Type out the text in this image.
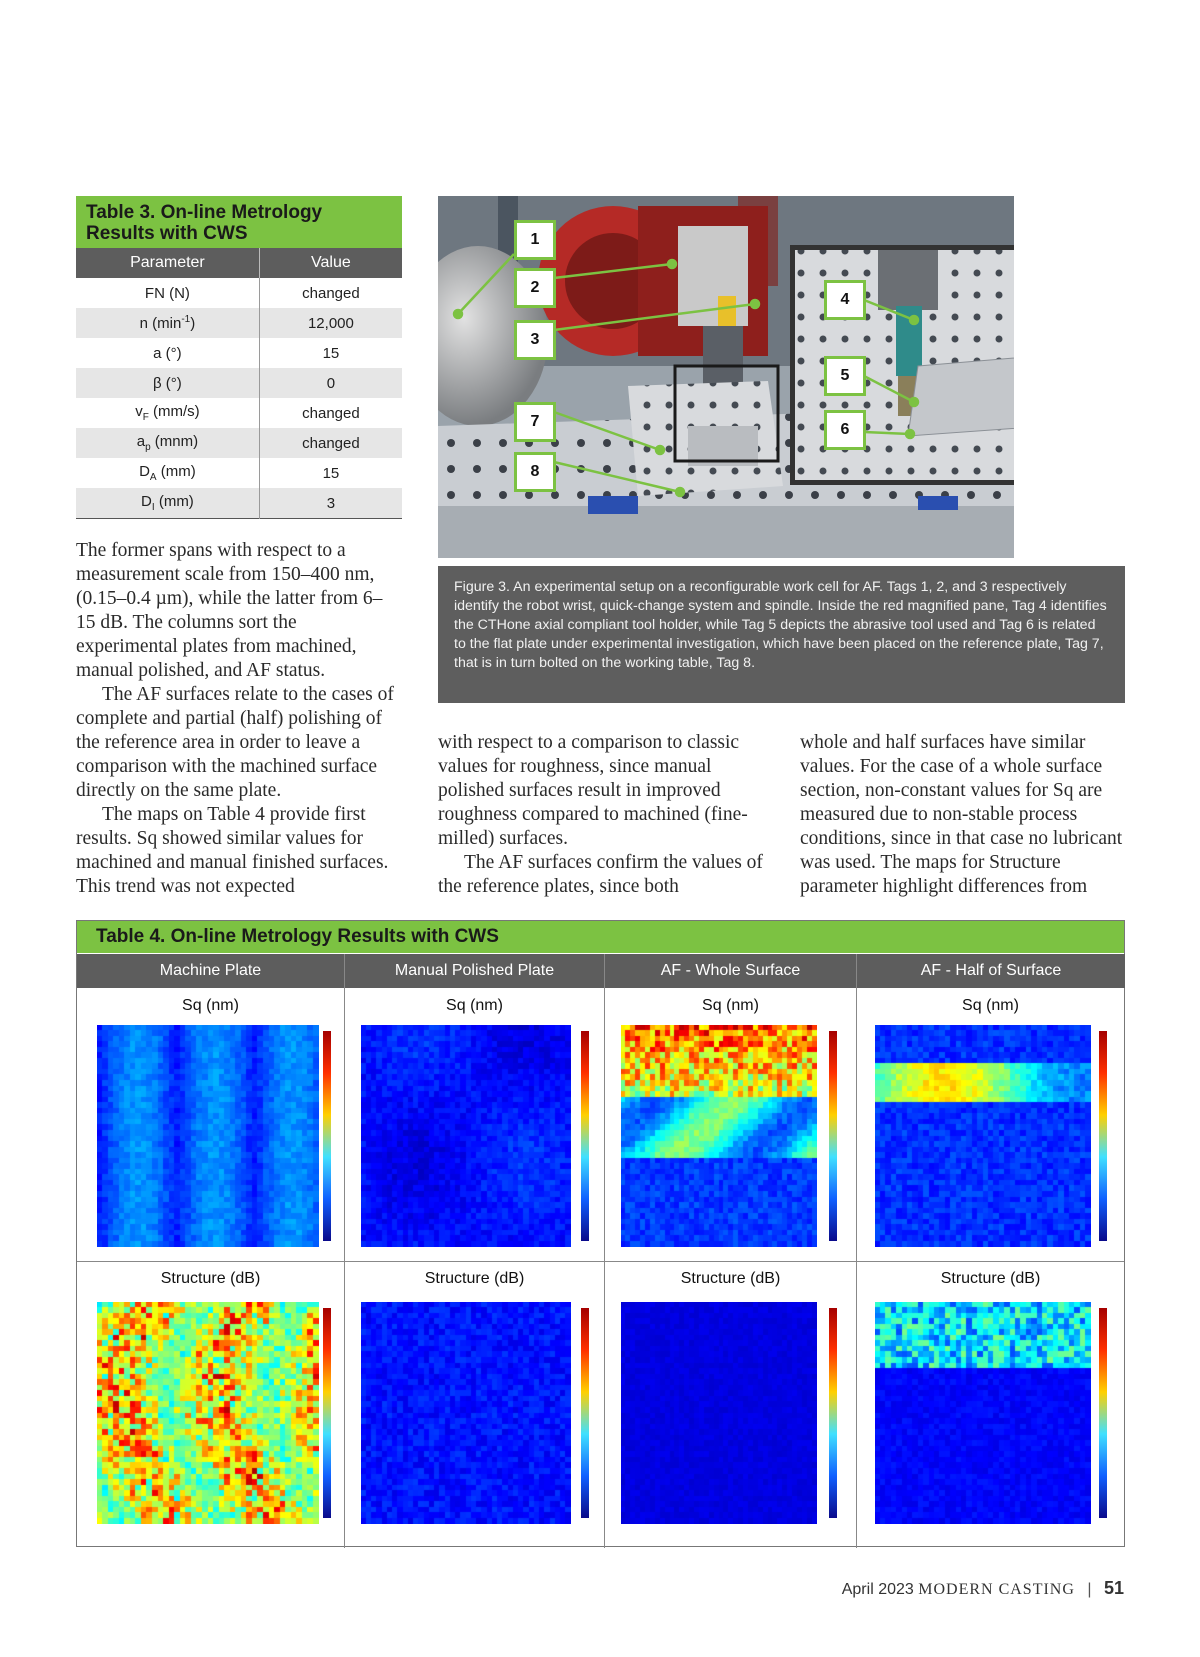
Table 3. On-line Metrology
Results with CWS
Parameter	Value
FN (N)	changed
n $(\min^{-1})$	12,000
a (°)	15
β (°)	0
$v_F$ (mm/s)	changed
$a_p$ (mnm)	changed
$D_A$ (mm)	15
$D_I$ (mm)	3

The former spans with respect to a measurement scale from 150–400 nm, (0.15–0.4 µm), while the latter from 6–15 dB. The columns sort the experimental plates from machined, manual polished, and AF status.

The AF surfaces relate to the cases of complete and partial (half) polishing of the reference area in order to leave a comparison with the machined surface directly on the same plate.

The maps on Table 4 provide first results. Sq showed similar values for machined and manual finished surfaces. This trend was not expected

with respect to a comparison to classic values for roughness, since manual polished surfaces result in improved roughness compared to machined (fine-milled) surfaces.

The AF surfaces confirm the values of the reference plates, since both

whole and half surfaces have similar values. For the case of a whole surface section, non-constant values for Sq are measured due to non-stable process conditions, since in that case no lubricant was used. The maps for Structure parameter highlight differences from

1
2
3
4
5
6
7
8
Figure 3. An experimental setup on a reconfigurable work cell for AF. Tags 1, 2, and 3 respectively identify the robot wrist, quick-change system and spindle. Inside the red magnified pane, Tag 4 identifies the CTHone axial compliant tool holder, while Tag 5 depicts the abrasive tool used and Tag 6 is related to the flat plate under experimental investigation, which have been placed on the reference plate, Tag 7, that is in turn bolted on the working table, Tag 8.
Table 4. On-line Metrology Results with CWS
Machine Plate	Manual Polished Plate	AF - Whole Surface	AF - Half of Surface
Sq (nm)	Sq (nm)	Sq (nm)	Sq (nm)
Structure (dB)	Structure (dB)	Structure (dB)	Structure (dB)
April 2023 MODERN CASTING | 51
